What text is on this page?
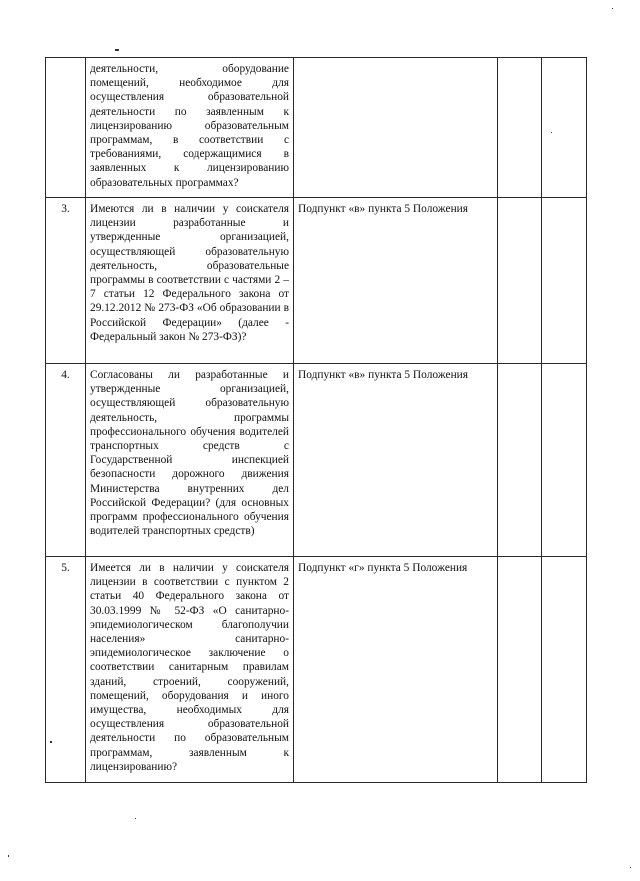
	деятельности, оборудование помещений, необходимое для осуществления образовательной деятельности по заявленным к лицензированию образовательным программам, в соответствии с требованиями, содержащимися в заявленных к лицензированию образовательных программах?			

3.	Имеются ли в наличии у соискателя лицензии разработанные и утвержденные организацией, осуществляющей образовательную деятельность, образовательные программы в соответствии с частями 2 – 7 статьи 12 Федерального закона от 29.12.2012 № 273-ФЗ «Об образовании в Российской Федерации» (далее - Федеральный закон № 273-ФЗ)?	Подпункт «в» пункта 5 Положения		
4.	Согласованы ли разработанные и утвержденные организацией, осуществляющей образовательную деятельность, программы профессионального обучения водителей транспортных средств с Государственной инспекцией безопасности дорожного движения Министерства внутренних дел Российской Федерации? (для основных программ профессионального обучения водителей транспортных средств)	Подпункт «в» пункта 5 Положения		
5.	Имеется ли в наличии у соискателя лицензии в соответствии с пунктом 2 статьи 40 Федерального закона от 30.03.1999 № 52-ФЗ «О санитарно-эпидемиологическом благополучии населения» санитарно-эпидемиологическое заключение о соответствии санитарным правилам зданий, строений, сооружений, помещений, оборудования и иного имущества, необходимых для осуществления образовательной деятельности по образовательным программам, заявленным к лицензированию?	Подпункт «г» пункта 5 Положения		
